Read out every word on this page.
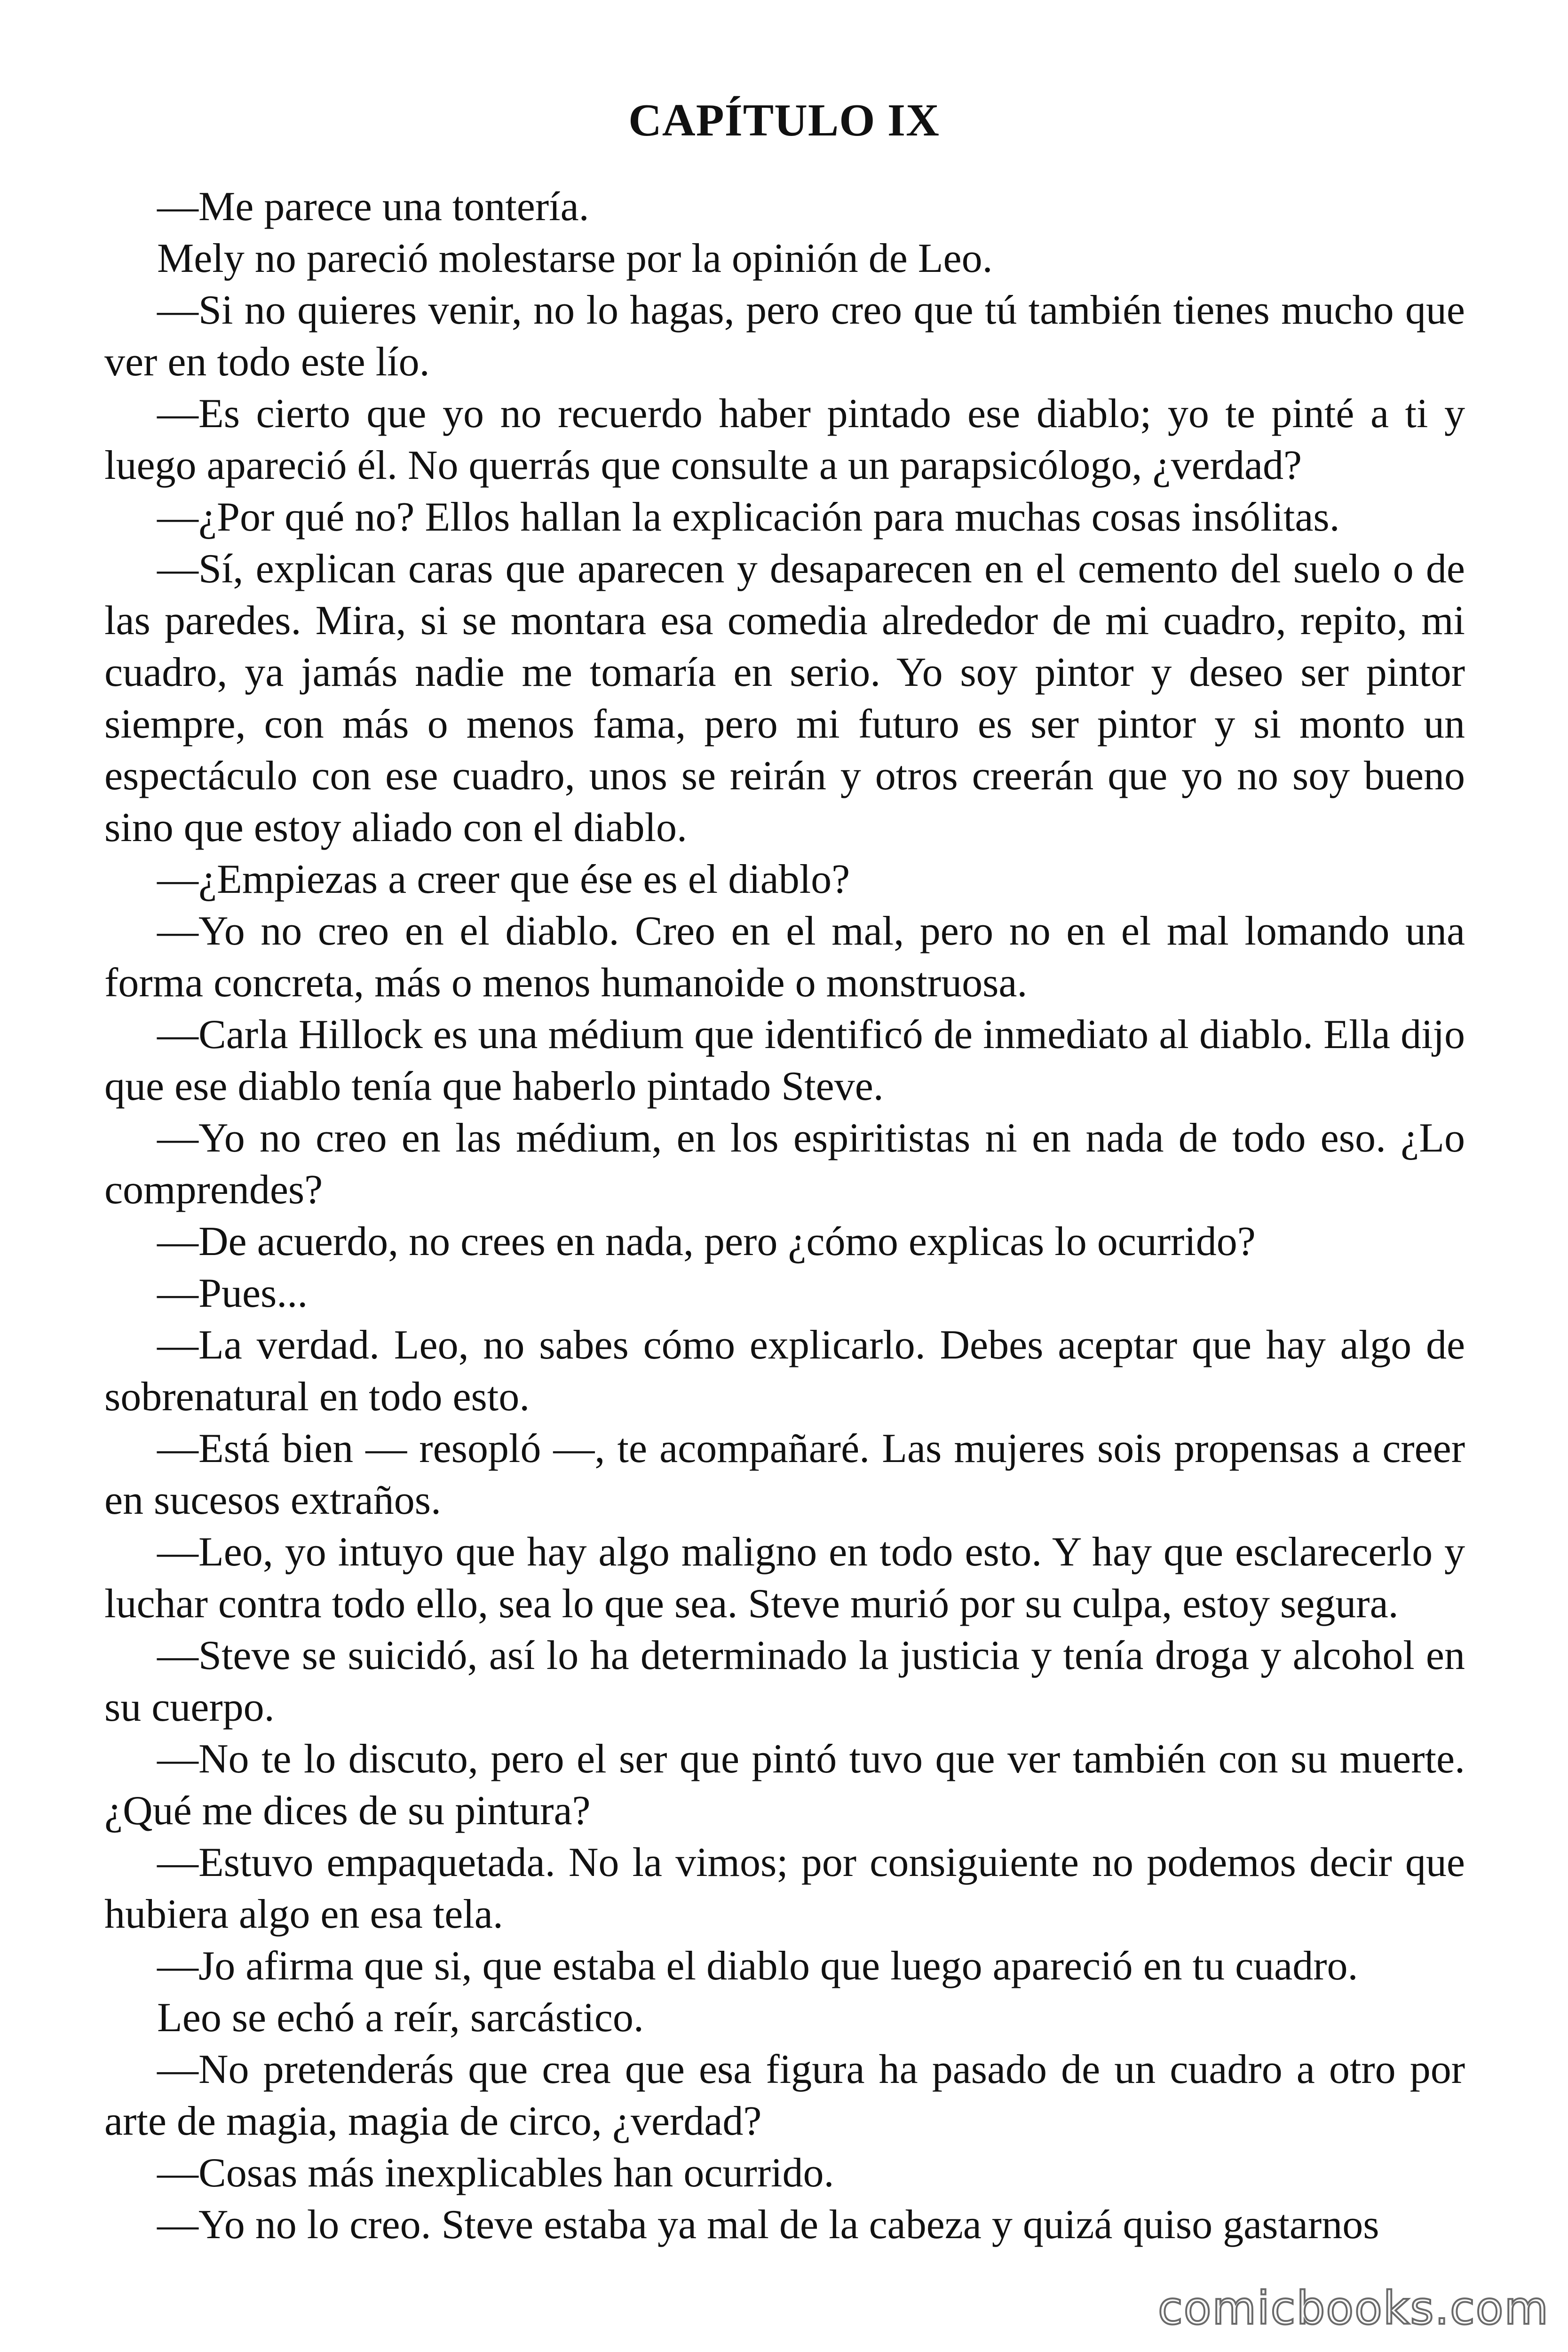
CAPÍTULO IX

—Me parece una tontería.

Mely no pareció molestarse por la opinión de Leo.

—Si no quieres venir, no lo hagas, pero creo que tú también tienes mucho que ver en todo este lío.

—Es cierto que yo no recuerdo haber pintado ese diablo; yo te pinté a ti y luego apareció él. No querrás que consulte a un parapsicólogo, ¿verdad?

—¿Por qué no? Ellos hallan la explicación para muchas cosas insólitas.

—Sí, explican caras que aparecen y desaparecen en el cemento del suelo o de las paredes. Mira, si se montara esa comedia alrededor de mi cuadro, repito, mi cuadro, ya jamás nadie me tomaría en serio. Yo soy pintor y deseo ser pintor siempre, con más o menos fama, pero mi futuro es ser pintor y si monto un espectáculo con ese cuadro, unos se reirán y otros creerán que yo no soy bueno sino que estoy aliado con el diablo.

—¿Empiezas a creer que ése es el diablo?

—Yo no creo en el diablo. Creo en el mal, pero no en el mal lomando una forma concreta, más o menos humanoide o monstruosa.

—Carla Hillock es una médium que identificó de inmediato al diablo. Ella dijo que ese diablo tenía que haberlo pintado Steve.

—Yo no creo en las médium, en los espiritistas ni en nada de todo eso. ¿Lo comprendes?

—De acuerdo, no crees en nada, pero ¿cómo explicas lo ocurrido?

—Pues...

—La verdad. Leo, no sabes cómo explicarlo. Debes aceptar que hay algo de sobrenatural en todo esto.

—Está bien — resopló —, te acompañaré. Las mujeres sois propensas a creer en sucesos extraños.

—Leo, yo intuyo que hay algo maligno en todo esto. Y hay que esclarecerlo y luchar contra todo ello, sea lo que sea. Steve murió por su culpa, estoy segura.

—Steve se suicidó, así lo ha determinado la justicia y tenía droga y alcohol en su cuerpo.

—No te lo discuto, pero el ser que pintó tuvo que ver también con su muerte. ¿Qué me dices de su pintura?

—Estuvo empaquetada. No la vimos; por consiguiente no podemos decir que hubiera algo en esa tela.

—Jo afirma que si, que estaba el diablo que luego apareció en tu cuadro.

Leo se echó a reír, sarcástico.

—No pretenderás que crea que esa figura ha pasado de un cuadro a otro por arte de magia, magia de circo, ¿verdad?

—Cosas más inexplicables han ocurrido.

—Yo no lo creo. Steve estaba ya mal de la cabeza y quizá quiso gastarnos

comicbooks.com
